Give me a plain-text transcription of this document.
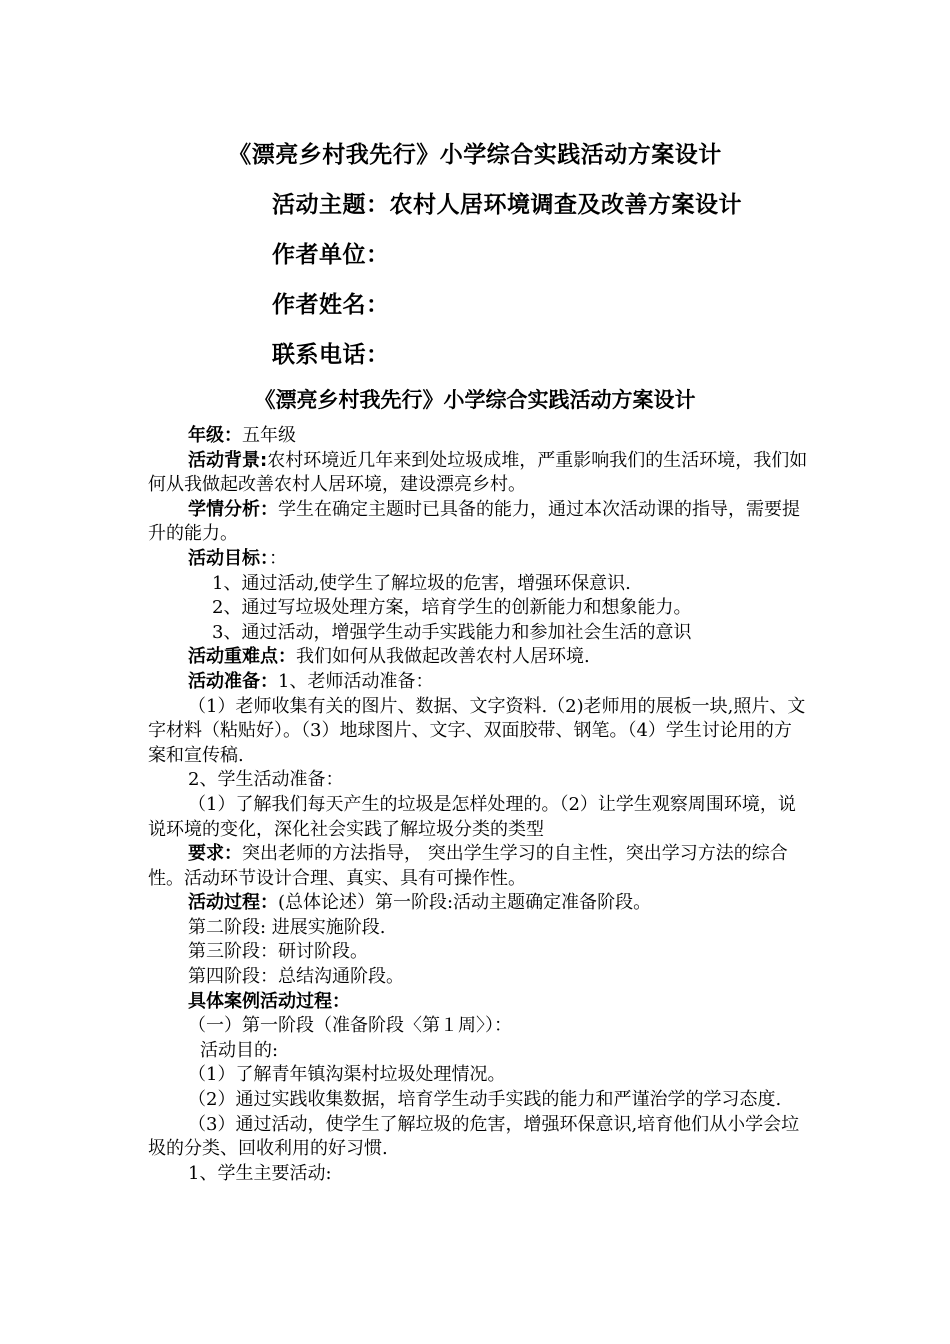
《漂亮乡村我先行》小学综合实践活动方案设计
活动主题：农村人居环境调查及改善方案设计
作者单位：
作者姓名：
联系电话：
《漂亮乡村我先行》小学综合实践活动方案设计

年级：五年级

活动背景:农村环境近几年来到处垃圾成堆，严重影响我们的生活环境，我们如何从我做起改善农村人居环境，建设漂亮乡村。

学情分析：学生在确定主题时已具备的能力，通过本次活动课的指导，需要提升的能力。

活动目标：：

1、通过活动,使学生了解垃圾的危害，增强环保意识.

2、通过写垃圾处理方案，培育学生的创新能力和想象能力。

3、通过活动，增强学生动手实践能力和参加社会生活的意识

活动重难点：我们如何从我做起改善农村人居环境.

活动准备：1、老师活动准备：

（1）老师收集有关的图片、数据、文字资料.（2)老师用的展板一块,照片、文字材料（粘贴好）。（3）地球图片、文字、双面胶带、钢笔。（4）学生讨论用的方案和宣传稿.

2、学生活动准备：

（1）了解我们每天产生的垃圾是怎样处理的。（2）让学生观察周围环境，说说环境的变化，深化社会实践了解垃圾分类的类型

要求：突出老师的方法指导， 突出学生学习的自主性，突出学习方法的综合性。活动环节设计合理、真实、具有可操作性。

活动过程：(总体论述）第一阶段:活动主题确定准备阶段。

第二阶段: 进展实施阶段.

第三阶段：研讨阶段。

第四阶段：总结沟通阶段。

具体案例活动过程：

（一）第一阶段（准备阶段〈第１周〉）：

活动目的:

（1）了解青年镇沟渠村垃圾处理情况。

（2）通过实践收集数据，培育学生动手实践的能力和严谨治学的学习态度.

（3）通过活动，使学生了解垃圾的危害，增强环保意识,培育他们从小学会垃圾的分类、回收利用的好习惯.

1、学生主要活动:
